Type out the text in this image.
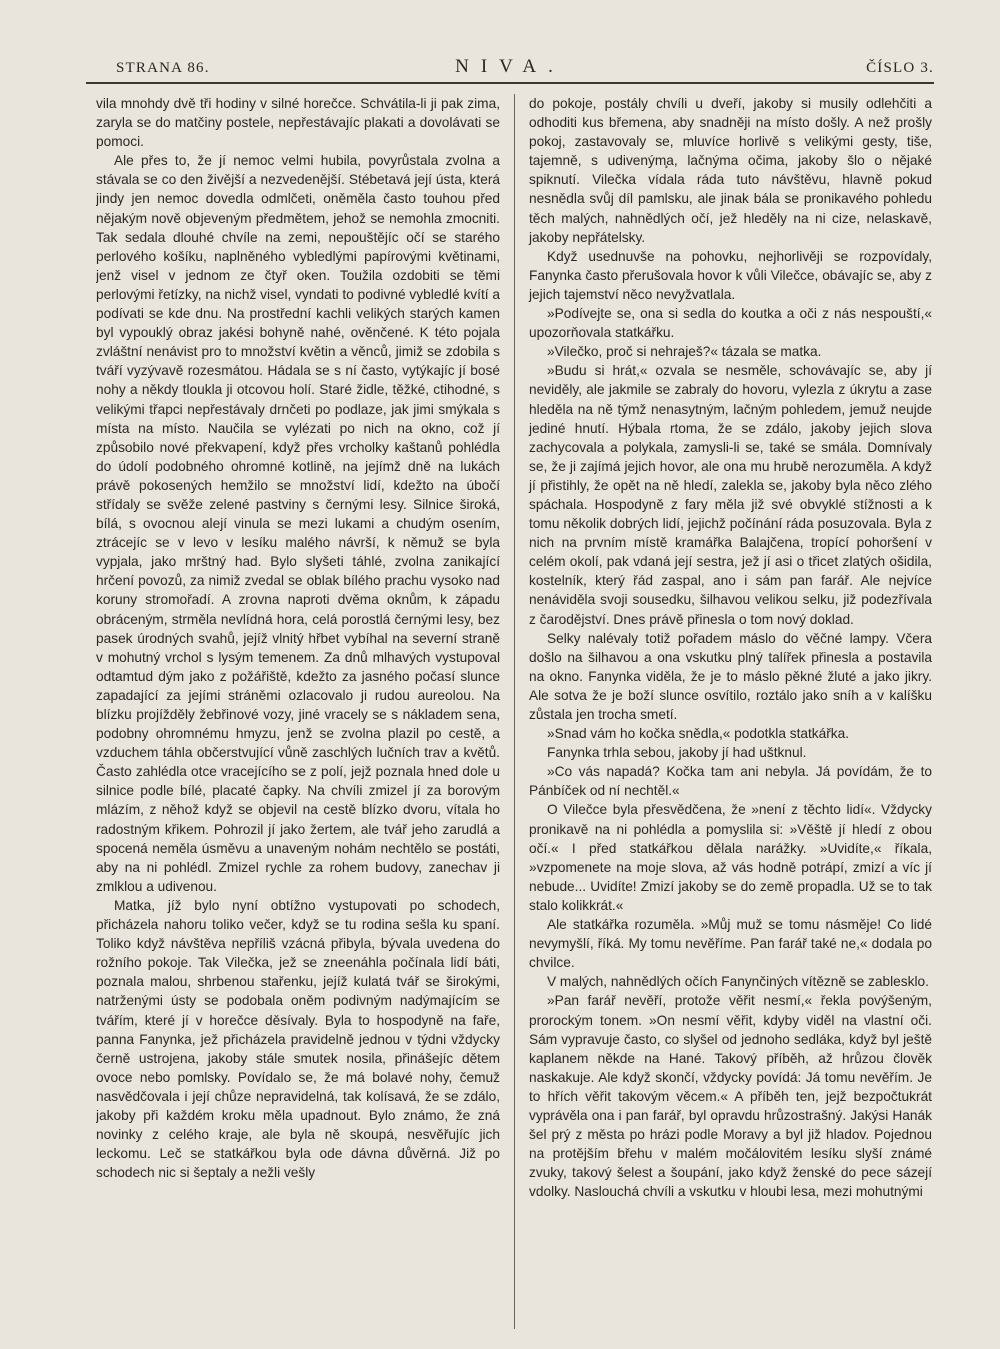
STRANA 86.	NIVA.	ČÍSLO 3.

vila mnohdy dvě tři hodiny v silné horečce. Schvátila-li ji pak zima, zaryla se do matčiny postele, nepřestávajíc plakati a dovolávati se pomoci.

Ale přes to, že jí nemoc velmi hubila, povyrůstala zvolna a stávala se co den živější a nezvedenější. Stébetavá její ústa, která jindy jen nemoc dovedla odmlčeti, oněměla často touhou před nějakým nově objeveným předmětem, jehož se nemohla zmocniti. Tak sedala dlouhé chvíle na zemi, nepouštějíc očí se starého perlového košíku, naplněného vybledlými papírovými květinami, jenž visel v jednom ze čtyř oken. Toužila ozdobiti se těmi perlovými řetízky, na nichž visel, vyndati to podivné vybledlé kvítí a podívati se kde dnu. Na prostřední kachli velikých starých kamen byl vypouklý obraz jakési bohyně nahé, ověnčené. K této pojala zvláštní nenávist pro to množství květin a věnců, jimiž se zdobila s tváří vyzývavě rozesmátou. Hádala se s ní často, vytýkajíc jí bosé nohy a někdy tloukla ji otcovou holí. Staré židle, těžké, ctihodné, s velikými třapci nepřestávaly drnčeti po podlaze, jak jimi smýkala s místa na místo. Naučila se vylézati po nich na okno, což jí způsobilo nové překvapení, když přes vrcholky kaštanů pohlédla do údolí podobného ohromné kotlině, na jejímž dně na lukách právě pokosených hemžilo se množství lidí, kdežto na úbočí střídaly se svěže zelené pastviny s černými lesy. Silnice široká, bílá, s ovocnou alejí vinula se mezi lukami a chudým osením, ztrácejíc se v levo v lesíku malého návrší, k němuž se byla vypjala, jako mrštný had. Bylo slyšeti táhlé, zvolna zanikající hrčení povozů, za nimiž zvedal se oblak bílého prachu vysoko nad koruny stromořadí. A zrovna naproti dvěma oknům, k západu obráceným, strměla nevlídná hora, celá porostlá černými lesy, bez pasek úrodných svahů, jejíž vlnitý hřbet vybíhal na severní straně v mohutný vrchol s lysým temenem. Za dnů mlhavých vystupoval odtamtud dým jako z požářiště, kdežto za jasného počasí slunce zapadající za jejími stráněmi ozlacovalo ji rudou aureolou. Na blízku projížděly žebřinové vozy, jiné vracely se s nákladem sena, podobny ohromnému hmyzu, jenž se zvolna plazil po cestě, a vzduchem táhla občerstvující vůně zaschlých lučních trav a květů. Často zahlédla otce vracejícího se z polí, jejž poznala hned dole u silnice podle bílé, placaté čapky. Na chvíli zmizel jí za borovým mlázím, z něhož když se objevil na cestě blízko dvoru, vítala ho radostným křikem. Pohrozil jí jako žertem, ale tvář jeho zarudlá a spocená neměla úsměvu a unaveným nohám nechtělo se postáti, aby na ni pohlédl. Zmizel rychle za rohem budovy, zanechav ji zmlklou a udivenou.

Matka, jíž bylo nyní obtížno vystupovati po schodech, přicházela nahoru toliko večer, když se tu rodina sešla ku spaní. Toliko když návštěva nepříliš vzácná přibyla, bývala uvedena do rožního pokoje. Tak Vilečka, jež se zneenáhla počínala lidí báti, poznala malou, shrbenou stařenku, jejíž kulatá tvář se širokými, natrženými ústy se podobala oněm podivným nadýmajícím se tvářím, které jí v horečce děsívaly. Byla to hospodyně na faře, panna Fanynka, jež přicházela pravidelně jednou v týdni vždycky černě ustrojena, jakoby stále smutek nosila, přinášejíc dětem ovoce nebo pomlsky. Povídalo se, že má bolavé nohy, čemuž nasvědčovala i její chůze nepravidelná, tak kolísavá, že se zdálo, jakoby při každém kroku měla upadnout. Bylo známo, že zná novinky z celého kraje, ale byla ně skoupá, nesvěřujíc jich leckomu. Leč se statkářkou byla ode dávna důvěrná. Již po schodech nic si šeptaly a nežli vešly

do pokoje, postály chvíli u dveří, jakoby si musily odlehčiti a odhoditi kus břemena, aby snadněji na místo došly. A než prošly pokoj, zastavovaly se, mluvíce horlivě s velikými gesty, tiše, tajemně, s udiveným̧a, lačnýma očima, jakoby šlo o nějaké spiknutí. Vilečka vídala ráda tuto návštěvu, hlavně pokud nesnědla svůj díl pamlsku, ale jinak bála se pronikavého pohledu těch malých, nahnědlých očí, jež hleděly na ni cize, nelaskavě, jakoby nepřátelsky.

Když usednuvše na pohovku, nejhorlivěji se rozpovídaly, Fanynka často přerušovala hovor k vůli Vilečce, obávajíc se, aby z jejich tajemství něco nevyžvatlala.

»Podívejte se, ona si sedla do koutka a oči z nás nespouští,« upozorňovala statkářku.

»Vilečko, proč si nehraješ?« tázala se matka.

»Budu si hrát,« ozvala se nesměle, schovávajíc se, aby jí neviděly, ale jakmile se zabraly do hovoru, vylezla z úkrytu a zase hleděla na ně týmž nenasytným, lačným pohledem, jemuž neujde jediné hnutí. Hýbala rtoma, že se zdálo, jakoby jejich slova zachycovala a polykala, zamysli-li se, také se smála. Domnívaly se, že ji zajímá jejich hovor, ale ona mu hrubě nerozuměla. A když jí přistihly, že opět na ně hledí, zalekla se, jakoby byla něco zlého spáchala. Hospodyně z fary měla již své obvyklé stížnosti a k tomu několik dobrých lidí, jejichž počínání ráda posuzovala. Byla z nich na prvním místě kramářka Balajčena, tropící pohoršení v celém okolí, pak vdaná její sestra, jež jí asi o třicet zlatých ošidila, kostelník, který řád zaspal, ano i sám pan farář. Ale nejvíce nenáviděla svoji sousedku, šilhavou velikou selku, již podezřívala z čarodějství. Dnes právě přinesla o tom nový doklad.

Selky nalévaly totiž pořadem máslo do věčné lampy. Včera došlo na šilhavou a ona vskutku plný talířek přinesla a postavila na okno. Fanynka viděla, že je to máslo pěkné žluté a jako jikry. Ale sotva že je boží slunce osvítilo, roztálo jako sníh a v kalíšku zůstala jen trocha smetí.

»Snad vám ho kočka snědla,« podotkla statkářka.

Fanynka trhla sebou, jakoby jí had uštknul.

»Co vás napadá? Kočka tam ani nebyla. Já povídám, že to Pánbíček od ní nechtěl.«

O Vilečce byla přesvědčena, že »není z těchto lidí«. Vždycky pronikavě na ni pohlédla a pomyslila si: »Věště jí hledí z obou očí.« I před statkářkou dělala narážky. »Uvidíte,« říkala, »vzpomenete na moje slova, až vás hodně potrápí, zmizí a víc jí nebude... Uvidíte! Zmizí jakoby se do země propadla. Už se to tak stalo kolikkrát.«

Ale statkářka rozuměla. »Můj muž se tomu násměje! Co lidé nevymyšlí, říká. My tomu nevěříme. Pan farář také ne,« dodala po chvilce.

V malých, nahnědlých očích Fanynčiných vítězně se zablesklo.

»Pan farář nevěří, protože věřit nesmí,« řekla povýšeným, prorockým tonem. »On nesmí věřit, kdyby viděl na vlastní oči. Sám vypravuje často, co slyšel od jednoho sedláka, když byl ještě kaplanem někde na Hané. Takový příběh, až hrůzou člověk naskakuje. Ale když skončí, vždycky povídá: Já tomu nevěřím. Je to hřích věřit takovým věcem.« A příběh ten, jejž bezpočtukrát vyprávěla ona i pan farář, byl opravdu hrůzostrašný. Jakýsi Hanák šel prý z města po hrázi podle Moravy a byl již hladov. Pojednou na protějším břehu v malém močálovitém lesíku slyší známé zvuky, takový šelest a šoupání, jako když ženské do pece sázejí vdolky. Naslouchá chvíli a vskutku v hloubi lesa, mezi mohutnými
